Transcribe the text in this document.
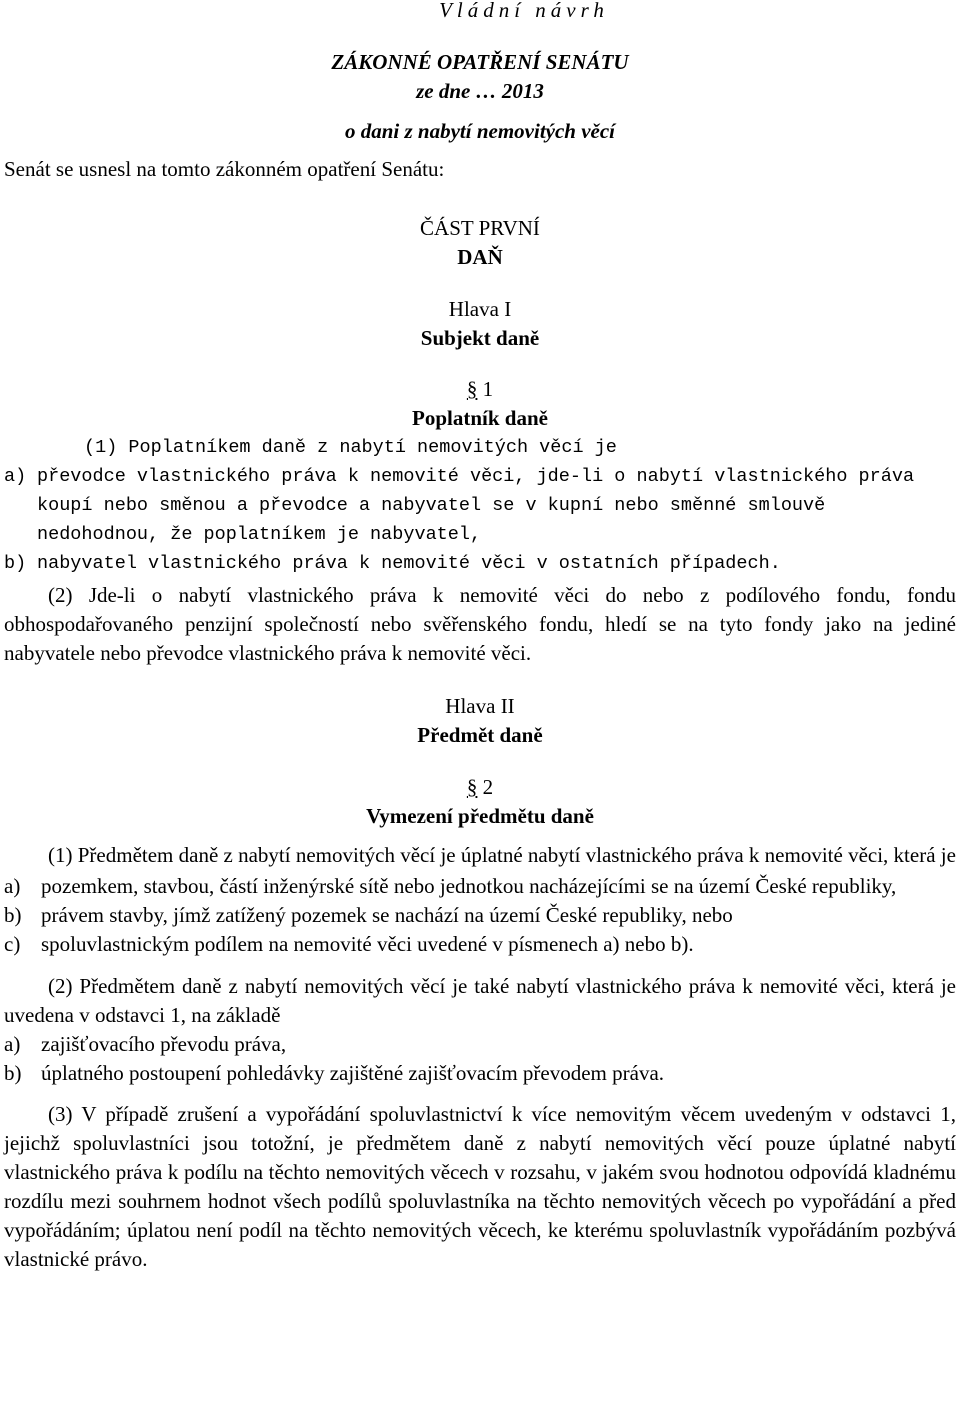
Vládní návrh
ZÁKONNÉ OPATŘENÍ SENÁTU
ze dne … 2013
o dani z nabytí nemovitých věcí
Senát se usnesl na tomto zákonném opatření Senátu:
ČÁST PRVNÍ
DAŇ
Hlava I
Subjekt daně
§ 1
Poplatník daně
(1) Poplatníkem daně z nabytí nemovitých věcí je
a) převodce vlastnického práva k nemovité věci, jde-li o nabytí vlastnického práva koupí nebo směnou a převodce a nabyvatel se v kupní nebo směnné smlouvě nedohodnou, že poplatníkem je nabyvatel,
b) nabyvatel vlastnického práva k nemovité věci v ostatních případech.
(2) Jde-li o nabytí vlastnického práva k nemovité věci do nebo z podílového fondu, fondu obhospodařovaného penzijní společností nebo svěřenského fondu, hledí se na tyto fondy jako na jediné nabyvatele nebo převodce vlastnického práva k nemovité věci.
Hlava II
Předmět daně
§ 2
Vymezení předmětu daně
(1) Předmětem daně z nabytí nemovitých věcí je úplatné nabytí vlastnického práva k nemovité věci, která je
a) pozemkem, stavbou, částí inženýrské sítě nebo jednotkou nacházejícími se na území České republiky,
b) právem stavby, jímž zatížený pozemek se nachází na území České republiky, nebo
c) spoluvlastnickým podílem na nemovité věci uvedené v písmenech a) nebo b).
(2) Předmětem daně z nabytí nemovitých věcí je také nabytí vlastnického práva k nemovité věci, která je uvedena v odstavci 1, na základě
a) zajišťovacího převodu práva,
b) úplatného postoupení pohledávky zajištěné zajišťovacím převodem práva.
(3) V případě zrušení a vypořádání spoluvlastnictví k více nemovitým věcem uvedeným v odstavci 1, jejichž spoluvlastníci jsou totožní, je předmětem daně z nabytí nemovitých věcí pouze úplatné nabytí vlastnického práva k podílu na těchto nemovitých věcech v rozsahu, v jakém svou hodnotou odpovídá kladnému rozdílu mezi souhrnem hodnot všech podílů spoluvlastníka na těchto nemovitých věcech po vypořádání a před vypořádáním; úplatou není podíl na těchto nemovitých věcech, ke kterému spoluvlastník vypořádáním pozbývá vlastnické právo.
